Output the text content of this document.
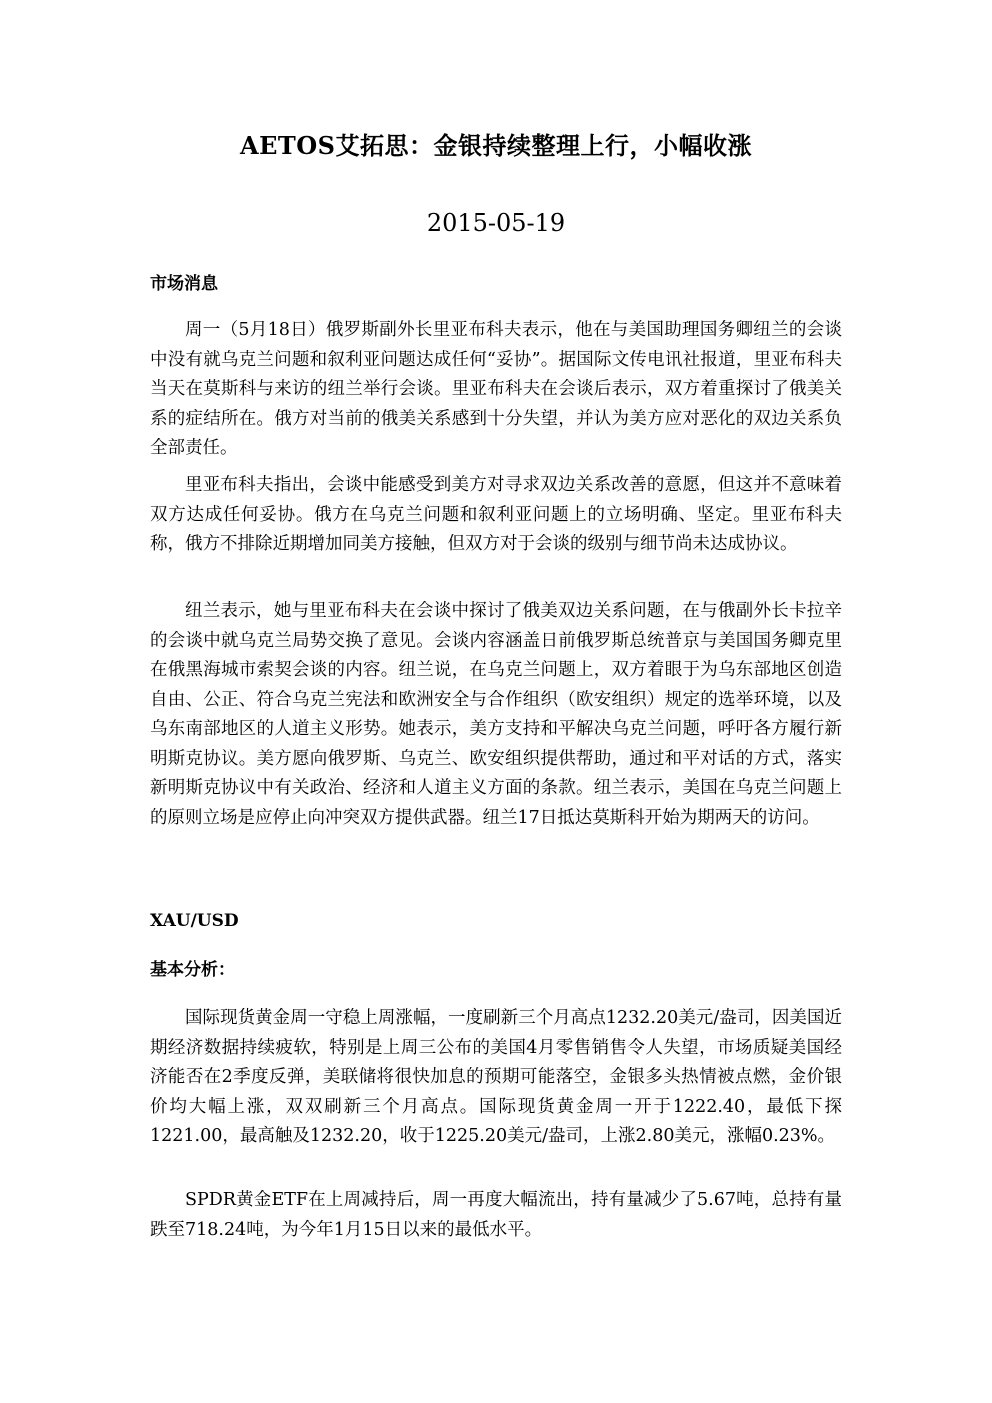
AETOS艾拓思：金银持续整理上行，小幅收涨
2015-05-19
市场消息

周一（5月18日）俄罗斯副外长里亚布科夫表示，他在与美国助理国务卿纽兰的会谈中没有就乌克兰问题和叙利亚问题达成任何“妥协”。据国际文传电讯社报道，里亚布科夫当天在莫斯科与来访的纽兰举行会谈。里亚布科夫在会谈后表示，双方着重探讨了俄美关系的症结所在。俄方对当前的俄美关系感到十分失望，并认为美方应对恶化的双边关系负全部责任。

里亚布科夫指出，会谈中能感受到美方对寻求双边关系改善的意愿，但这并不意味着双方达成任何妥协。俄方在乌克兰问题和叙利亚问题上的立场明确、坚定。里亚布科夫称，俄方不排除近期增加同美方接触，但双方对于会谈的级别与细节尚未达成协议。

纽兰表示，她与里亚布科夫在会谈中探讨了俄美双边关系问题，在与俄副外长卡拉辛的会谈中就乌克兰局势交换了意见。会谈内容涵盖日前俄罗斯总统普京与美国国务卿克里在俄黑海城市索契会谈的内容。纽兰说，在乌克兰问题上，双方着眼于为乌东部地区创造自由、公正、符合乌克兰宪法和欧洲安全与合作组织（欧安组织）规定的选举环境，以及乌东南部地区的人道主义形势。她表示，美方支持和平解决乌克兰问题，呼吁各方履行新明斯克协议。美方愿向俄罗斯、乌克兰、欧安组织提供帮助，通过和平对话的方式，落实新明斯克协议中有关政治、经济和人道主义方面的条款。纽兰表示，美国在乌克兰问题上的原则立场是应停止向冲突双方提供武器。纽兰17日抵达莫斯科开始为期两天的访问。

XAU/USD
基本分析：

国际现货黄金周一守稳上周涨幅，一度刷新三个月高点1232.20美元/盎司，因美国近期经济数据持续疲软，特别是上周三公布的美国4月零售销售令人失望，市场质疑美国经济能否在2季度反弹，美联储将很快加息的预期可能落空，金银多头热情被点燃，金价银价均大幅上涨，双双刷新三个月高点。国际现货黄金周一开于1222.40，最低下探1221.00，最高触及1232.20，收于1225.20美元/盎司，上涨2.80美元，涨幅0.23%。

SPDR黄金ETF在上周减持后，周一再度大幅流出，持有量减少了5.67吨，总持有量跌至718.24吨，为今年1月15日以来的最低水平。
